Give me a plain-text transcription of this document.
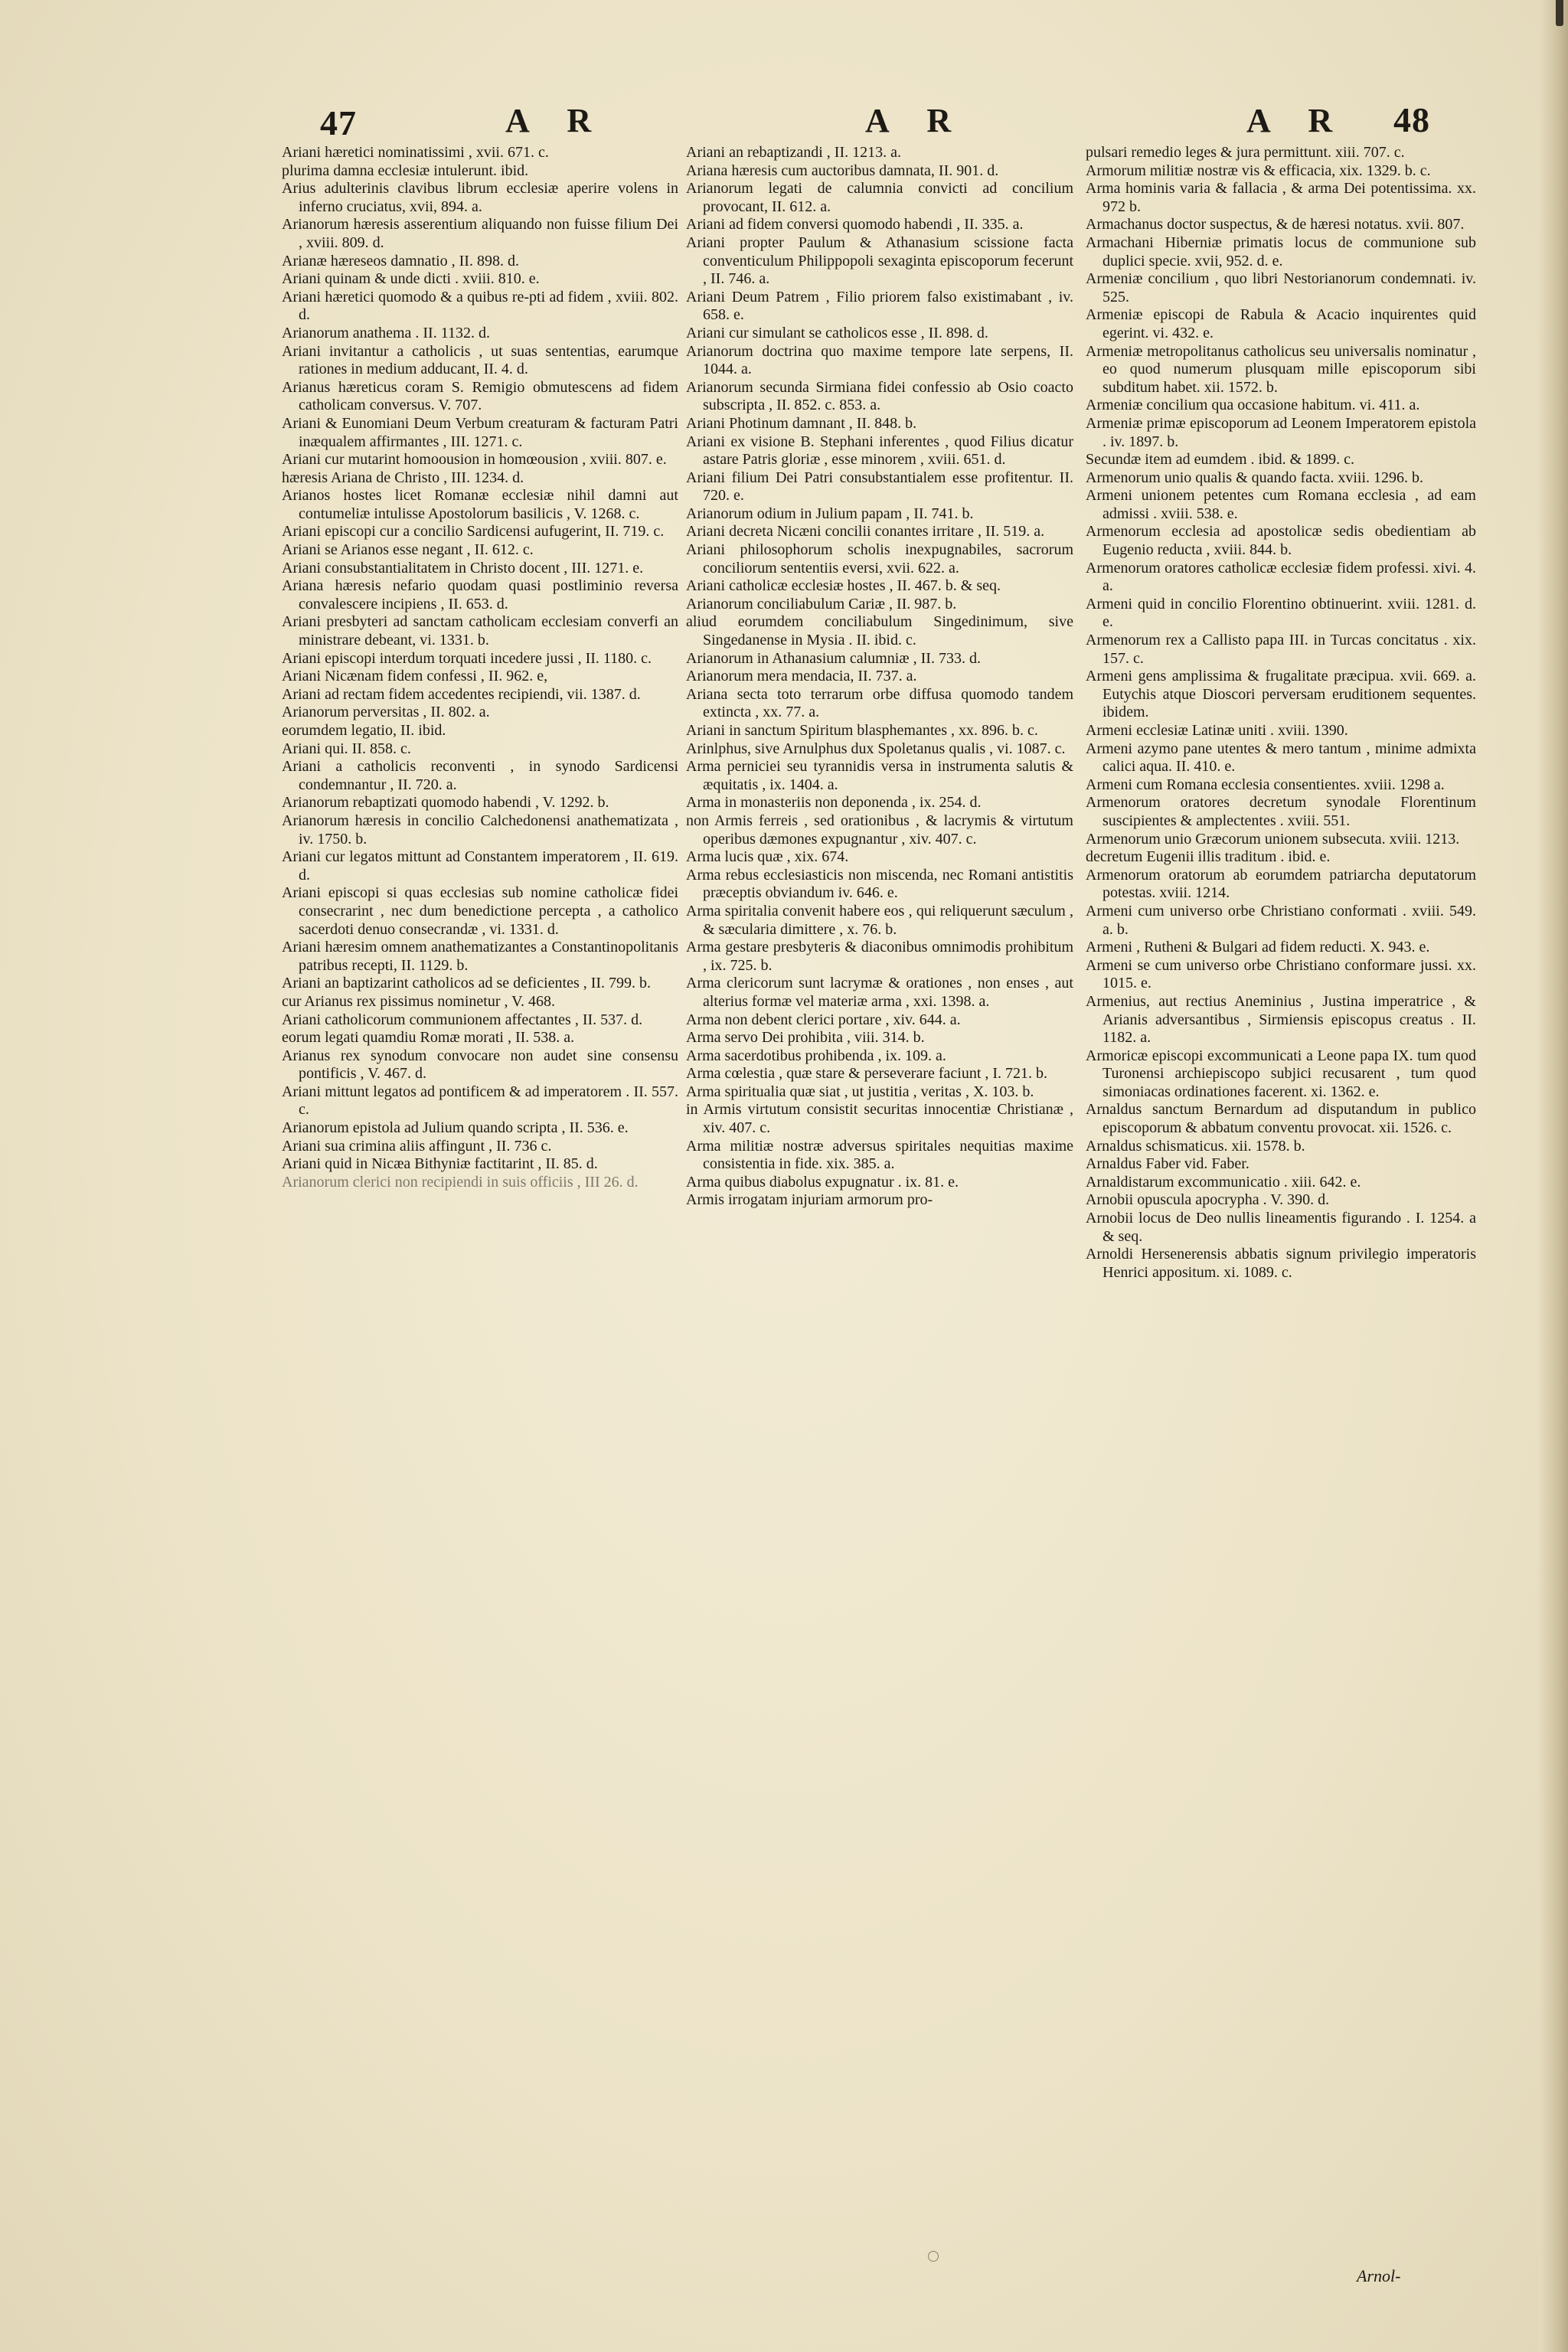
47	A R	A R	A R 48

Ariani hæretici nominatissimi , xvii. 671. c.

plurima damna ecclesiæ intulerunt. ibid.

Arius adulterinis clavibus librum ecclesiæ aperire volens in inferno cruciatus, xvii, 894. a.

Arianorum hæresis asserentium aliquando non fuisse filium Dei , xviii. 809. d.

Arianæ hæreseos damnatio , II. 898. d.

Ariani quinam & unde dicti . xviii. 810. e.

Ariani hæretici quomodo & a quibus re-pti ad fidem , xviii. 802. d.

Arianorum anathema . II. 1132. d.

Ariani invitantur a catholicis , ut suas sententias, earumque rationes in medium adducant, II. 4. d.

Arianus hæreticus coram S. Remigio obmutescens ad fidem catholicam conversus. V. 707.

Ariani & Eunomiani Deum Verbum creaturam & facturam Patri inæqualem affirmantes , III. 1271. c.

Ariani cur mutarint homoousion in homœousion , xviii. 807. e.

hæresis Ariana de Christo , III. 1234. d.

Arianos hostes licet Romanæ ecclesiæ nihil damni aut contumeliæ intulisse Apostolorum basilicis , V. 1268. c.

Ariani episcopi cur a concilio Sardicensi aufugerint, II. 719. c.

Ariani se Arianos esse negant , II. 612. c.

Ariani consubstantialitatem in Christo docent , III. 1271. e.

Ariana hæresis nefario quodam quasi postliminio reversa convalescere incipiens , II. 653. d.

Ariani presbyteri ad sanctam catholicam ecclesiam converfi an ministrare debeant, vi. 1331. b.

Ariani episcopi interdum torquati incedere jussi , II. 1180. c.

Ariani Nicænam fidem confessi , II. 962. e,

Ariani ad rectam fidem accedentes recipiendi, vii. 1387. d.

Arianorum perversitas , II. 802. a.

eorumdem legatio, II. ibid.

Ariani qui. II. 858. c.

Ariani a catholicis reconventi , in synodo Sardicensi condemnantur , II. 720. a.

Arianorum rebaptizati quomodo habendi , V. 1292. b.

Arianorum hæresis in concilio Calchedonensi anathematizata , iv. 1750. b.

Ariani cur legatos mittunt ad Constantem imperatorem , II. 619. d.

Ariani episcopi si quas ecclesias sub nomine catholicæ fidei consecrarint , nec dum benedictione percepta , a catholico sacerdoti denuo consecrandæ , vi. 1331. d.

Ariani hæresim omnem anathematizantes a Constantinopolitanis patribus recepti, II. 1129. b.

Ariani an baptizarint catholicos ad se deficientes , II. 799. b.

cur Arianus rex pissimus nominetur , V. 468.

Ariani catholicorum communionem affectantes , II. 537. d.

eorum legati quamdiu Romæ morati , II. 538. a.

Arianus rex synodum convocare non audet sine consensu pontificis , V. 467. d.

Ariani mittunt legatos ad pontificem & ad imperatorem . II. 557. c.

Arianorum epistola ad Julium quando scripta , II. 536. e.

Ariani sua crimina aliis affingunt , II. 736 c.

Ariani quid in Nicæa Bithyniæ factitarint , II. 85. d.

Arianorum clerici non recipiendi in suis officiis , III 26. d.

Ariani an rebaptizandi , II. 1213. a.

Ariana hæresis cum auctoribus damnata, II. 901. d.

Arianorum legati de calumnia convicti ad concilium provocant, II. 612. a.

Ariani ad fidem conversi quomodo habendi , II. 335. a.

Ariani propter Paulum & Athanasium scissione facta conventiculum Philippopoli sexaginta episcoporum fecerunt , II. 746. a.

Ariani Deum Patrem , Filio priorem falso existimabant , iv. 658. e.

Ariani cur simulant se catholicos esse , II. 898. d.

Arianorum doctrina quo maxime tempore late serpens, II. 1044. a.

Arianorum secunda Sirmiana fidei confessio ab Osio coacto subscripta , II. 852. c. 853. a.

Ariani Photinum damnant , II. 848. b.

Ariani ex visione B. Stephani inferentes , quod Filius dicatur astare Patris gloriæ , esse minorem , xviii. 651. d.

Ariani filium Dei Patri consubstantialem esse profitentur. II. 720. e.

Arianorum odium in Julium papam , II. 741. b.

Ariani decreta Nicæni concilii conantes irritare , II. 519. a.

Ariani philosophorum scholis inexpugnabiles, sacrorum conciliorum sententiis eversi, xvii. 622. a.

Ariani catholicæ ecclesiæ hostes , II. 467. b. & seq.

Arianorum conciliabulum Cariæ , II. 987. b.

aliud eorumdem conciliabulum Singedinimum, sive Singedanense in Mysia . II. ibid. c.

Arianorum in Athanasium calumniæ , II. 733. d.

Arianorum mera mendacia, II. 737. a.

Ariana secta toto terrarum orbe diffusa quomodo tandem extincta , xx. 77. a.

Ariani in sanctum Spiritum blasphemantes , xx. 896. b. c.

Arinlphus, sive Arnulphus dux Spoletanus qualis , vi. 1087. c.

Arma perniciei seu tyrannidis versa in instrumenta salutis & æquitatis , ix. 1404. a.

Arma in monasteriis non deponenda , ix. 254. d.

non Armis ferreis , sed orationibus , & lacrymis & virtutum operibus dæmones expugnantur , xiv. 407. c.

Arma lucis quæ , xix. 674.

Arma rebus ecclesiasticis non miscenda, nec Romani antistitis præceptis obviandum iv. 646. e.

Arma spiritalia convenit habere eos , qui reliquerunt sæculum , & sæcularia dimittere , x. 76. b.

Arma gestare presbyteris & diaconibus omnimodis prohibitum , ix. 725. b.

Arma clericorum sunt lacrymæ & orationes , non enses , aut alterius formæ vel materiæ arma , xxi. 1398. a.

Arma non debent clerici portare , xiv. 644. a.

Arma servo Dei prohibita , viii. 314. b.

Arma sacerdotibus prohibenda , ix. 109. a.

Arma cœlestia , quæ stare & perseverare faciunt , I. 721. b.

Arma spiritualia quæ siat , ut justitia , veritas , X. 103. b.

in Armis virtutum consistit securitas innocentiæ Christianæ , xiv. 407. c.

Arma militiæ nostræ adversus spiritales nequitias maxime consistentia in fide. xix. 385. a.

Arma quibus diabolus expugnatur . ix. 81. e.

Armis irrogatam injuriam armorum pro-

pulsari remedio leges & jura permittunt. xiii. 707. c.

Armorum militiæ nostræ vis & efficacia, xix. 1329. b. c.

Arma hominis varia & fallacia , & arma Dei potentissima. xx. 972 b.

Armachanus doctor suspectus, & de hæresi notatus. xvii. 807.

Armachani Hiberniæ primatis locus de communione sub duplici specie. xvii, 952. d. e.

Armeniæ concilium , quo libri Nestorianorum condemnati. iv. 525.

Armeniæ episcopi de Rabula & Acacio inquirentes quid egerint. vi. 432. e.

Armeniæ metropolitanus catholicus seu universalis nominatur , eo quod numerum plusquam mille episcoporum sibi subditum habet. xii. 1572. b.

Armeniæ concilium qua occasione habitum. vi. 411. a.

Armeniæ primæ episcoporum ad Leonem Imperatorem epistola . iv. 1897. b.

Secundæ item ad eumdem . ibid. & 1899. c.

Armenorum unio qualis & quando facta. xviii. 1296. b.

Armeni unionem petentes cum Romana ecclesia , ad eam admissi . xviii. 538. e.

Armenorum ecclesia ad apostolicæ sedis obedientiam ab Eugenio reducta , xviii. 844. b.

Armenorum oratores catholicæ ecclesiæ fidem professi. xivi. 4. a.

Armeni quid in concilio Florentino obtinuerint. xviii. 1281. d. e.

Armenorum rex a Callisto papa III. in Turcas concitatus . xix. 157. c.

Armeni gens amplissima & frugalitate præcipua. xvii. 669. a. Eutychis atque Dioscori perversam eruditionem sequentes. ibidem.

Armeni ecclesiæ Latinæ uniti . xviii. 1390.

Armeni azymo pane utentes & mero tantum , minime admixta calici aqua. II. 410. e.

Armeni cum Romana ecclesia consentientes. xviii. 1298 a.

Armenorum oratores decretum synodale Florentinum suscipientes & amplectentes . xviii. 551.

Armenorum unio Græcorum unionem subsecuta. xviii. 1213.

decretum Eugenii illis traditum . ibid. e.

Armenorum oratorum ab eorumdem patriarcha deputatorum potestas. xviii. 1214.

Armeni cum universo orbe Christiano conformati . xviii. 549. a. b.

Armeni , Rutheni & Bulgari ad fidem reducti. X. 943. e.

Armeni se cum universo orbe Christiano conformare jussi. xx. 1015. e.

Armenius, aut rectius Aneminius , Justina imperatrice , & Arianis adversantibus , Sirmiensis episcopus creatus . II. 1182. a.

Armoricæ episcopi excommunicati a Leone papa IX. tum quod Turonensi archiepiscopo subjici recusarent , tum quod simoniacas ordinationes facerent. xi. 1362. e.

Arnaldus sanctum Bernardum ad disputandum in publico episcoporum & abbatum conventu provocat. xii. 1526. c.

Arnaldus schismaticus. xii. 1578. b.

Arnaldus Faber vid. Faber.

Arnaldistarum excommunicatio . xiii. 642. e.

Arnobii opuscula apocrypha . V. 390. d.

Arnobii locus de Deo nullis lineamentis figurando . I. 1254. a & seq.

Arnoldi Hersenerensis abbatis signum privilegio imperatoris Henrici appositum. xi. 1089. c.

Arnol-
